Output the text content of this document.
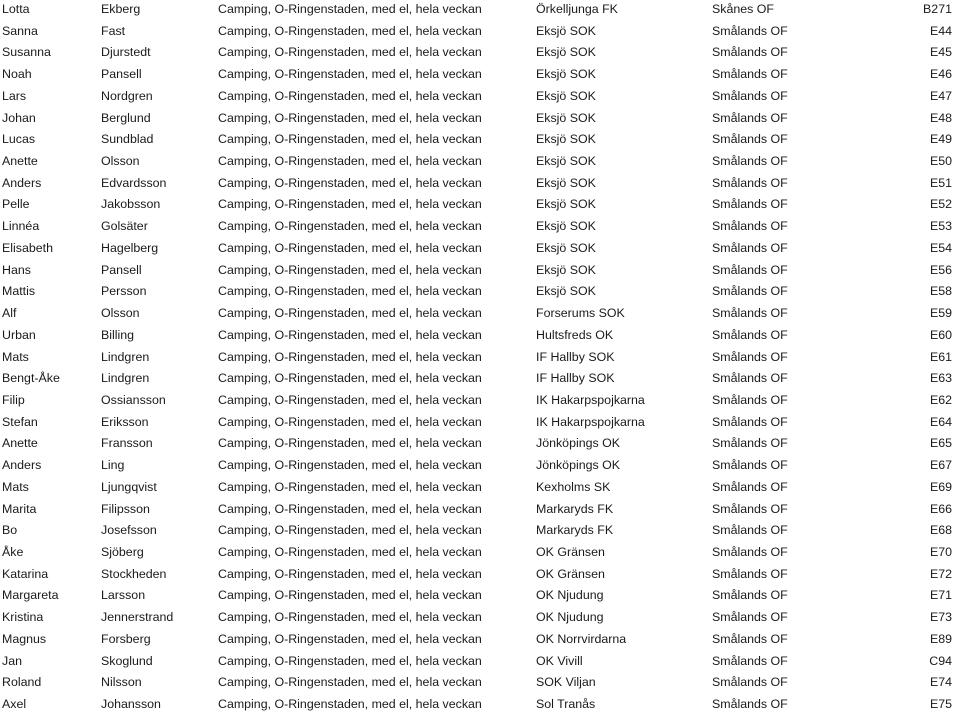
Lotta	Ekberg	Camping, O-Ringenstaden, med el, hela veckan	Örkelljunga FK	Skånes OF	B271
Sanna	Fast	Camping, O-Ringenstaden, med el, hela veckan	Eksjö SOK	Smålands OF	E44
Susanna	Djurstedt	Camping, O-Ringenstaden, med el, hela veckan	Eksjö SOK	Smålands OF	E45
Noah	Pansell	Camping, O-Ringenstaden, med el, hela veckan	Eksjö SOK	Smålands OF	E46
Lars	Nordgren	Camping, O-Ringenstaden, med el, hela veckan	Eksjö SOK	Smålands OF	E47
Johan	Berglund	Camping, O-Ringenstaden, med el, hela veckan	Eksjö SOK	Smålands OF	E48
Lucas	Sundblad	Camping, O-Ringenstaden, med el, hela veckan	Eksjö SOK	Smålands OF	E49
Anette	Olsson	Camping, O-Ringenstaden, med el, hela veckan	Eksjö SOK	Smålands OF	E50
Anders	Edvardsson	Camping, O-Ringenstaden, med el, hela veckan	Eksjö SOK	Smålands OF	E51
Pelle	Jakobsson	Camping, O-Ringenstaden, med el, hela veckan	Eksjö SOK	Smålands OF	E52
Linnéa	Golsäter	Camping, O-Ringenstaden, med el, hela veckan	Eksjö SOK	Smålands OF	E53
Elisabeth	Hagelberg	Camping, O-Ringenstaden, med el, hela veckan	Eksjö SOK	Smålands OF	E54
Hans	Pansell	Camping, O-Ringenstaden, med el, hela veckan	Eksjö SOK	Smålands OF	E56
Mattis	Persson	Camping, O-Ringenstaden, med el, hela veckan	Eksjö SOK	Smålands OF	E58
Alf	Olsson	Camping, O-Ringenstaden, med el, hela veckan	Forserums SOK	Smålands OF	E59
Urban	Billing	Camping, O-Ringenstaden, med el, hela veckan	Hultsfreds OK	Smålands OF	E60
Mats	Lindgren	Camping, O-Ringenstaden, med el, hela veckan	IF Hallby SOK	Smålands OF	E61
Bengt-Åke	Lindgren	Camping, O-Ringenstaden, med el, hela veckan	IF Hallby SOK	Smålands OF	E63
Filip	Ossiansson	Camping, O-Ringenstaden, med el, hela veckan	IK Hakarpspojkarna	Smålands OF	E62
Stefan	Eriksson	Camping, O-Ringenstaden, med el, hela veckan	IK Hakarpspojkarna	Smålands OF	E64
Anette	Fransson	Camping, O-Ringenstaden, med el, hela veckan	Jönköpings OK	Smålands OF	E65
Anders	Ling	Camping, O-Ringenstaden, med el, hela veckan	Jönköpings OK	Smålands OF	E67
Mats	Ljungqvist	Camping, O-Ringenstaden, med el, hela veckan	Kexholms SK	Smålands OF	E69
Marita	Filipsson	Camping, O-Ringenstaden, med el, hela veckan	Markaryds FK	Smålands OF	E66
Bo	Josefsson	Camping, O-Ringenstaden, med el, hela veckan	Markaryds FK	Smålands OF	E68
Åke	Sjöberg	Camping, O-Ringenstaden, med el, hela veckan	OK Gränsen	Smålands OF	E70
Katarina	Stockheden	Camping, O-Ringenstaden, med el, hela veckan	OK Gränsen	Smålands OF	E72
Margareta	Larsson	Camping, O-Ringenstaden, med el, hela veckan	OK Njudung	Smålands OF	E71
Kristina	Jennerstrand	Camping, O-Ringenstaden, med el, hela veckan	OK Njudung	Smålands OF	E73
Magnus	Forsberg	Camping, O-Ringenstaden, med el, hela veckan	OK Norrvirdarna	Smålands OF	E89
Jan	Skoglund	Camping, O-Ringenstaden, med el, hela veckan	OK Vivill	Smålands OF	C94
Roland	Nilsson	Camping, O-Ringenstaden, med el, hela veckan	SOK Viljan	Smålands OF	E74
Axel	Johansson	Camping, O-Ringenstaden, med el, hela veckan	Sol Tranås	Smålands OF	E75
